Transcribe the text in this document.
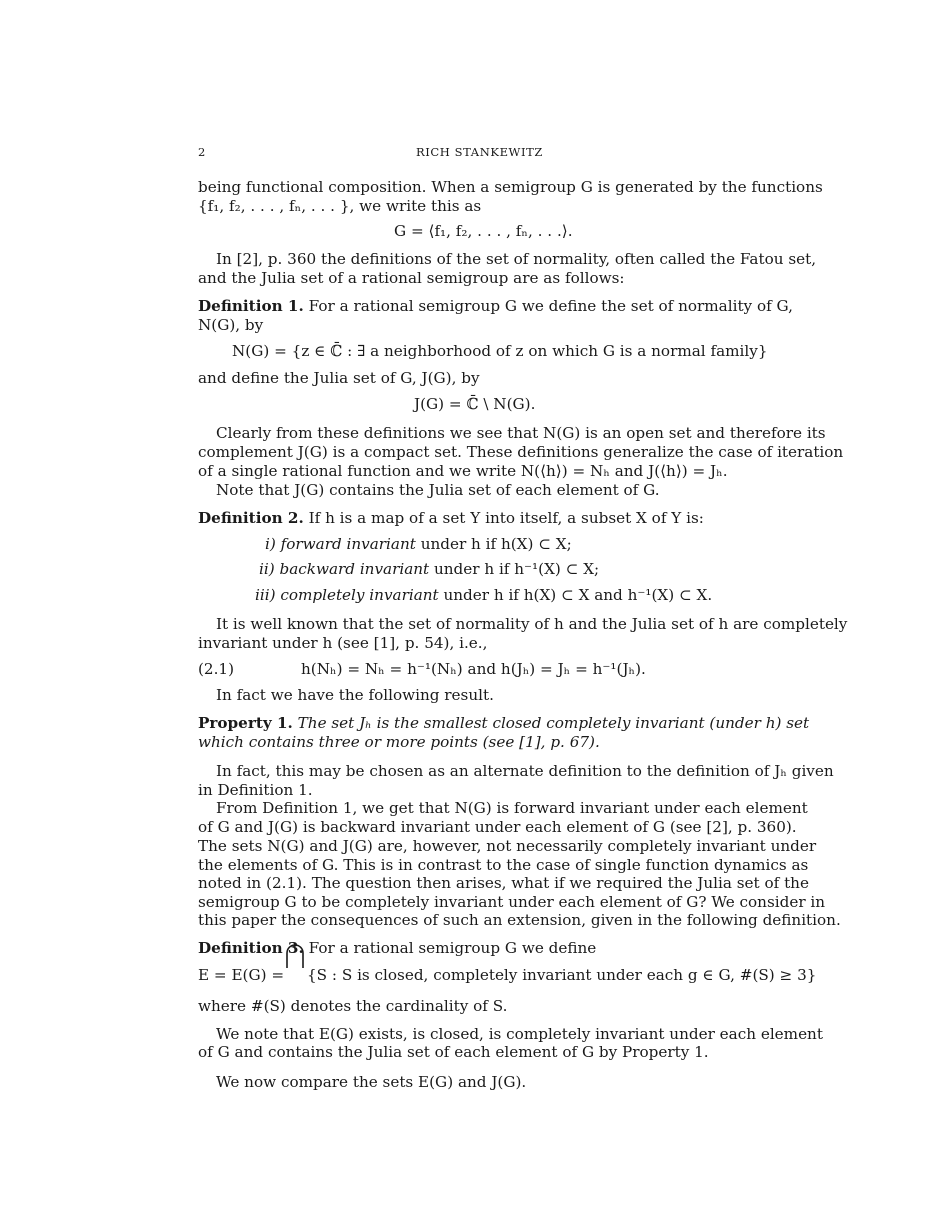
2	RICH STANKEWITZ
being functional composition. When a semigroup G is generated by the functions
{f₁, f₂, . . . , fₙ, . . . }, we write this as
G = ⟨f₁, f₂, . . . , fₙ, . . .⟩.
In [2], p. 360 the definitions of the set of normality, often called the Fatou set,
and the Julia set of a rational semigroup are as follows:
Definition 1. For a rational semigroup G we define the set of normality of G,
N(G), by
N(G) = {z ∈ ℂ̄ : ∃ a neighborhood of z on which G is a normal family}
and define the Julia set of G, J(G), by
J(G) = ℂ̄ \ N(G).
Clearly from these definitions we see that N(G) is an open set and therefore its
complement J(G) is a compact set. These definitions generalize the case of iteration
of a single rational function and we write N(⟨h⟩) = Nₕ and J(⟨h⟩) = Jₕ.
Note that J(G) contains the Julia set of each element of G.
Definition 2. If h is a map of a set Y into itself, a subset X of Y is:
i) forward invariant under h if h(X) ⊂ X;
ii) backward invariant under h if h⁻¹(X) ⊂ X;
iii) completely invariant under h if h(X) ⊂ X and h⁻¹(X) ⊂ X.
It is well known that the set of normality of h and the Julia set of h are completely
invariant under h (see [1], p. 54), i.e.,
(2.1)	h(Nₕ) = Nₕ = h⁻¹(Nₕ) and h(Jₕ) = Jₕ = h⁻¹(Jₕ).
In fact we have the following result.
Property 1. The set Jₕ is the smallest closed completely invariant (under h) set
which contains three or more points (see [1], p. 67).
In fact, this may be chosen as an alternate definition to the definition of Jₕ given
in Definition 1.
From Definition 1, we get that N(G) is forward invariant under each element
of G and J(G) is backward invariant under each element of G (see [2], p. 360).
The sets N(G) and J(G) are, however, not necessarily completely invariant under
the elements of G. This is in contrast to the case of single function dynamics as
noted in (2.1). The question then arises, what if we required the Julia set of the
semigroup G to be completely invariant under each element of G? We consider in
this paper the consequences of such an extension, given in the following definition.
Definition 3. For a rational semigroup G we define
E = E(G) = {S : S is closed, completely invariant under each g ∈ G, #(S) ≥ 3}
where #(S) denotes the cardinality of S.
We note that E(G) exists, is closed, is completely invariant under each element
of G and contains the Julia set of each element of G by Property 1.
We now compare the sets E(G) and J(G).
